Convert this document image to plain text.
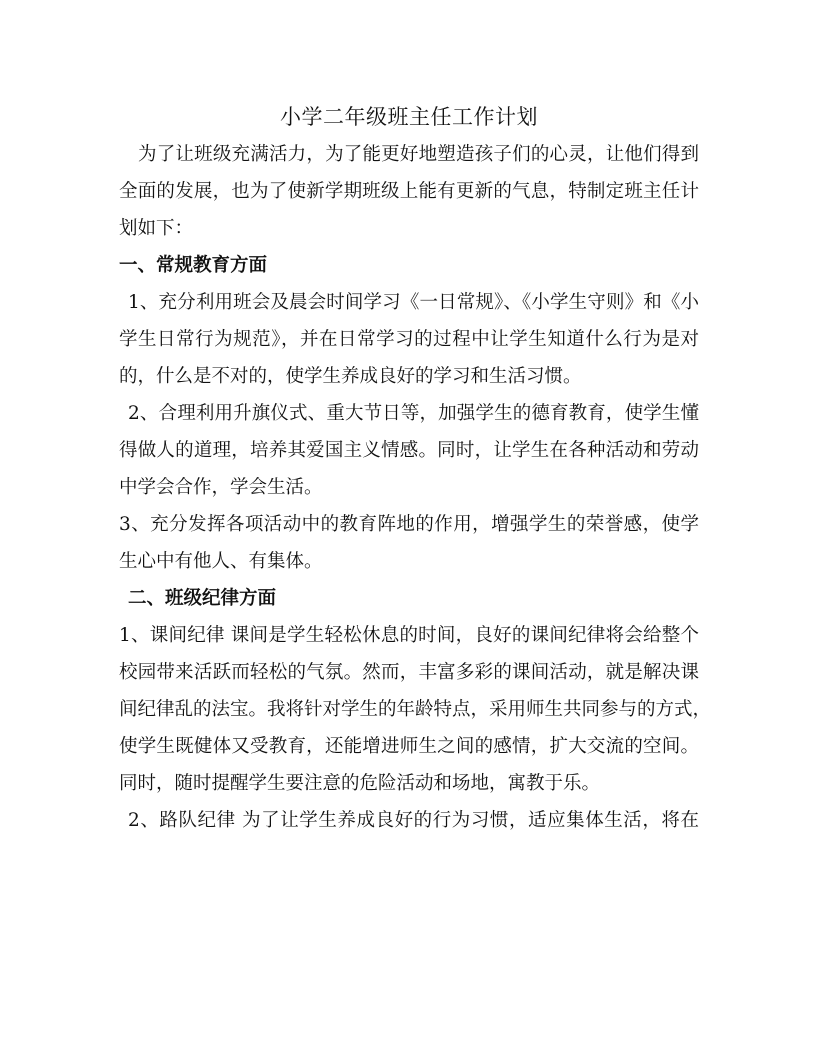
小学二年级班主任工作计划

为了让班级充满活力，为了能更好地塑造孩子们的心灵，让他们得到

全面的发展，也为了使新学期班级上能有更新的气息，特制定班主任计

划如下：

一、常规教育方面

1、充分利用班会及晨会时间学习《一日常规》、《小学生守则》和《小

学生日常行为规范》，并在日常学习的过程中让学生知道什么行为是对

的，什么是不对的，使学生养成良好的学习和生活习惯。

2、合理利用升旗仪式、重大节日等，加强学生的德育教育，使学生懂

得做人的道理，培养其爱国主义情感。同时，让学生在各种活动和劳动

中学会合作，学会生活。

3、充分发挥各项活动中的教育阵地的作用，增强学生的荣誉感，使学

生心中有他人、有集体。

二、班级纪律方面

1、课间纪律 课间是学生轻松休息的时间，良好的课间纪律将会给整个

校园带来活跃而轻松的气氛。然而，丰富多彩的课间活动，就是解决课

间纪律乱的法宝。我将针对学生的年龄特点，采用师生共同参与的方式，

使学生既健体又受教育，还能增进师生之间的感情，扩大交流的空间。

同时，随时提醒学生要注意的危险活动和场地，寓教于乐。

2、路队纪律 为了让学生养成良好的行为习惯，适应集体生活，将在
